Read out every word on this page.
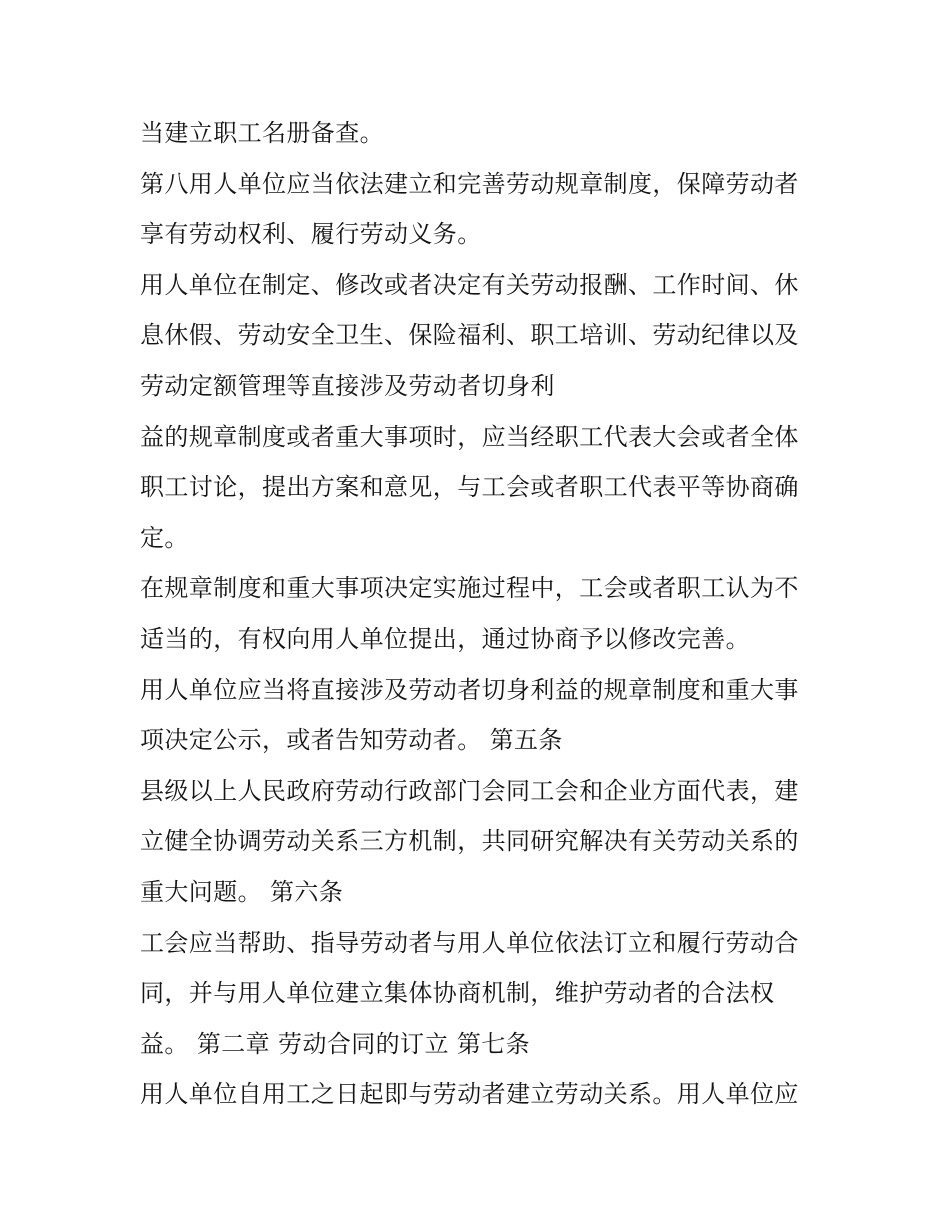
当建立职工名册备查。
第八用人单位应当依法建立和完善劳动规章制度，保障劳动者
享有劳动权利、履行劳动义务。
用人单位在制定、修改或者决定有关劳动报酬、工作时间、休
息休假、劳动安全卫生、保险福利、职工培训、劳动纪律以及
劳动定额管理等直接涉及劳动者切身利
益的规章制度或者重大事项时，应当经职工代表大会或者全体
职工讨论，提出方案和意见，与工会或者职工代表平等协商确
定。
在规章制度和重大事项决定实施过程中，工会或者职工认为不
适当的，有权向用人单位提出，通过协商予以修改完善。
用人单位应当将直接涉及劳动者切身利益的规章制度和重大事
项决定公示，或者告知劳动者。 第五条
县级以上人民政府劳动行政部门会同工会和企业方面代表，建
立健全协调劳动关系三方机制，共同研究解决有关劳动关系的
重大问题。 第六条
工会应当帮助、指导劳动者与用人单位依法订立和履行劳动合
同，并与用人单位建立集体协商机制，维护劳动者的合法权
益。 第二章 劳动合同的订立 第七条
用人单位自用工之日起即与劳动者建立劳动关系。用人单位应
